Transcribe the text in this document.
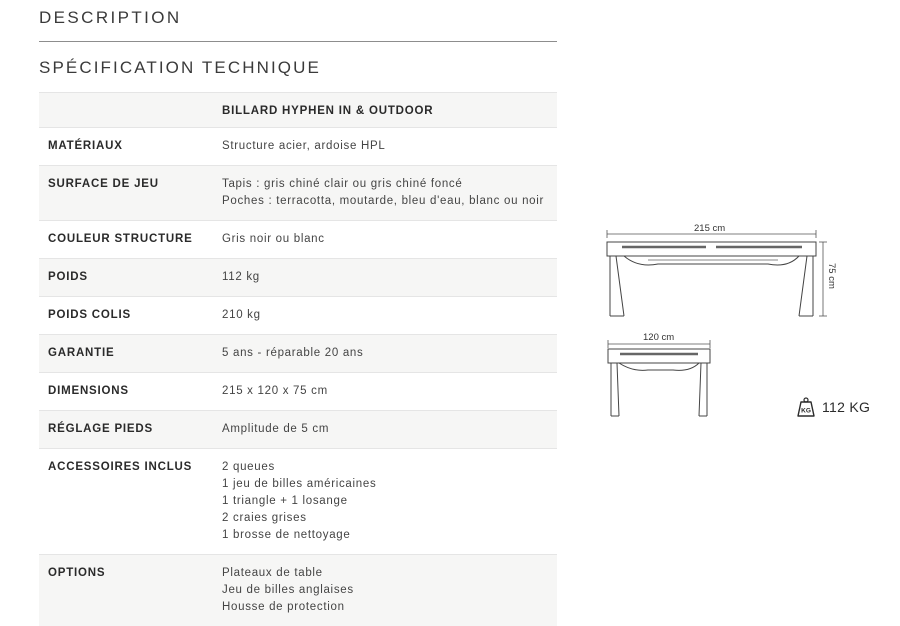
DESCRIPTION
SPÉCIFICATION TECHNIQUE
BILLARD HYPHEN IN & OUTDOOR
MATÉRIAUX	Structure acier, ardoise HPL
SURFACE DE JEU	Tapis : gris chiné clair ou gris chiné foncé
Poches : terracotta, moutarde, bleu d'eau, blanc ou noir
COULEUR STRUCTURE	Gris noir ou blanc
POIDS	112 kg
POIDS COLIS	210 kg
GARANTIE	5 ans - réparable 20 ans
DIMENSIONS	215 x 120 x 75 cm
RÉGLAGE PIEDS	Amplitude de 5 cm
ACCESSOIRES INCLUS	2 queues
1 jeu de billes américaines
1 triangle + 1 losange
2 craies grises
1 brosse de nettoyage
OPTIONS	Plateaux de table
Jeu de billes anglaises
Housse de protection
215 cm
75 cm
120 cm
KG 112 KG
